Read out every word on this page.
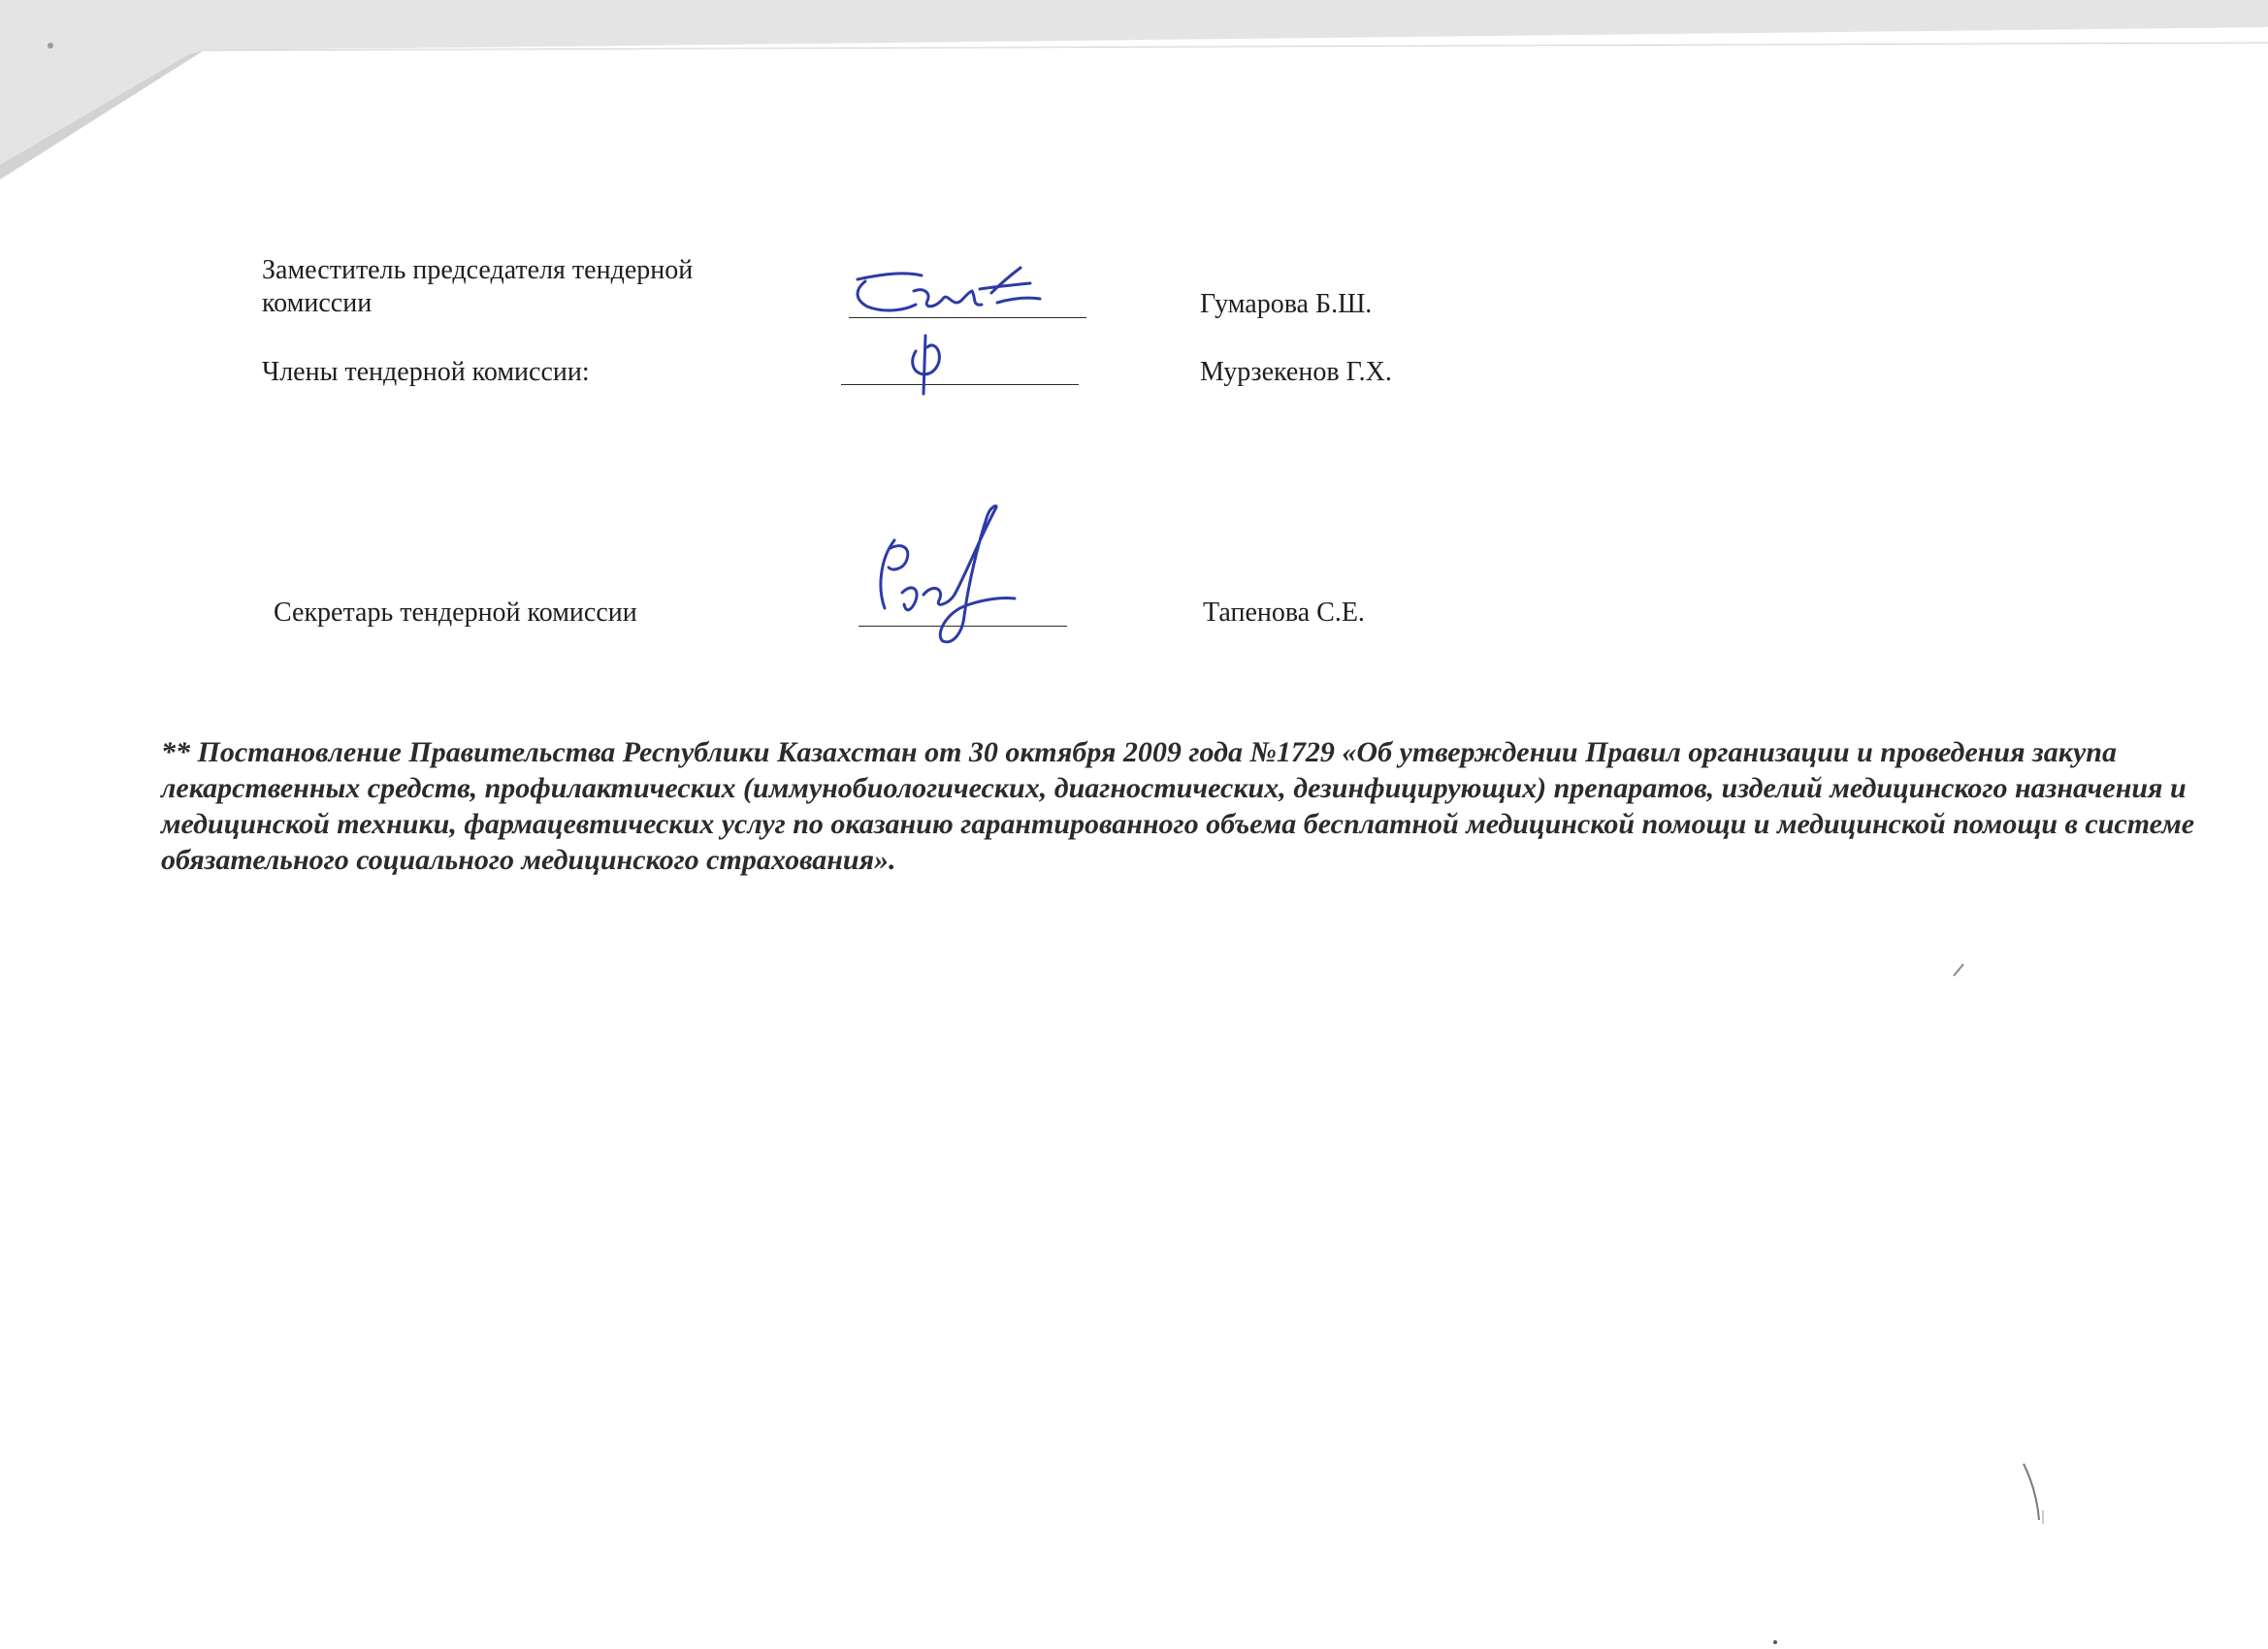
Заместитель председателя тендерной комиссии	Гумарова Б.Ш.
Члены тендерной комиссии:	Мурзекенов Г.Х.
Секретарь тендерной комиссии	Тапенова С.Е.
** Постановление Правительства Республики Казахстан от 30 октября 2009 года №1729 «Об утверждении Правил организации и проведения закупа лекарственных средств, профилактических (иммунобиологических, диагностических, дезинфицирующих) препаратов, изделий медицинского назначения и медицинской техники, фармацевтических услуг по оказанию гарантированного объема бесплатной медицинской помощи и медицинской помощи в системе обязательного социального медицинского страхования».
